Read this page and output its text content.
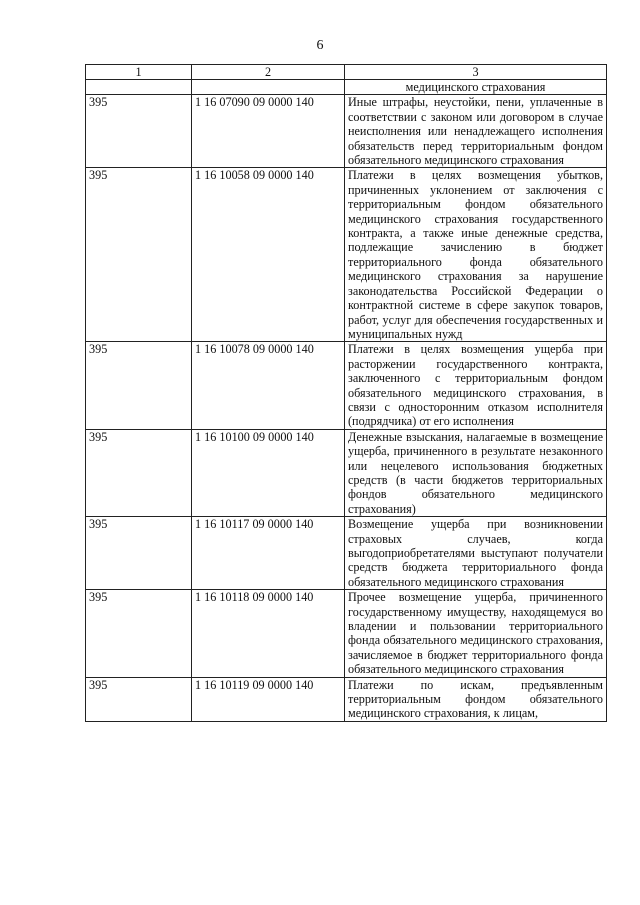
6
1	2	3
		медицинского страхования
395	1 16 07090 09 0000 140	Иные штрафы, неустойки, пени, уплаченные в соответствии с законом или договором в случае неисполнения или ненадлежащего исполнения обязательств перед территориальным фондом обязательного медицинского страхования
395	1 16 10058 09 0000 140	Платежи в целях возмещения убытков, причиненных уклонением от заключения с территориальным фондом обязательного медицинского страхования государственного контракта, а также иные денежные средства, подлежащие зачислению в бюджет территориального фонда обязательного медицинского страхования за нарушение законодательства Российской Федерации о контрактной системе в сфере закупок товаров, работ, услуг для обеспечения государственных и муниципальных нужд
395	1 16 10078 09 0000 140	Платежи в целях возмещения ущерба при расторжении государственного контракта, заключенного с территориальным фондом обязательного медицинского страхования, в связи с односторонним отказом исполнителя (подрядчика) от его исполнения
395	1 16 10100 09 0000 140	Денежные взыскания, налагаемые в возмещение ущерба, причиненного в результате незаконного или нецелевого использования бюджетных средств (в части бюджетов территориальных фондов обязательного медицинского страхования)
395	1 16 10117 09 0000 140	Возмещение ущерба при возникновении страховых случаев, когда выгодоприобретателями выступают получатели средств бюджета территориального фонда обязательного медицинского страхования
395	1 16 10118 09 0000 140	Прочее возмещение ущерба, причиненного государственному имуществу, находящемуся во владении и пользовании территориального фонда обязательного медицинского страхования, зачисляемое в бюджет территориального фонда обязательного медицинского страхования
395	1 16 10119 09 0000 140	Платежи по искам, предъявленным территориальным фондом обязательного медицинского страхования, к лицам,
